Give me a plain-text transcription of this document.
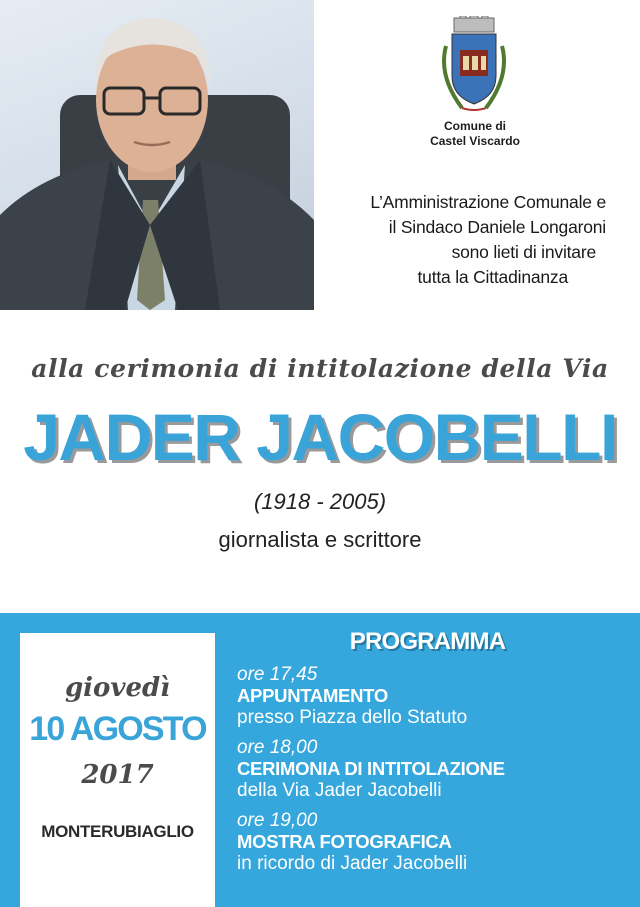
Comune di
Castel Viscardo
L’Amministrazione Comunale e
il Sindaco Daniele Longaroni
sono lieti di invitare
tutta la Cittadinanza
alla cerimonia di intitolazione della Via
JADER JACOBELLI
(1918 - 2005)
giornalista e scrittore
giovedì
10 AGOSTO
2017
MONTERUBIAGLIO
PROGRAMMA
ore 17,45
APPUNTAMENTO
presso Piazza dello Statuto
ore 18,00
CERIMONIA DI INTITOLAZIONE
della Via Jader Jacobelli
ore 19,00
MOSTRA FOTOGRAFICA
in ricordo di Jader Jacobelli
